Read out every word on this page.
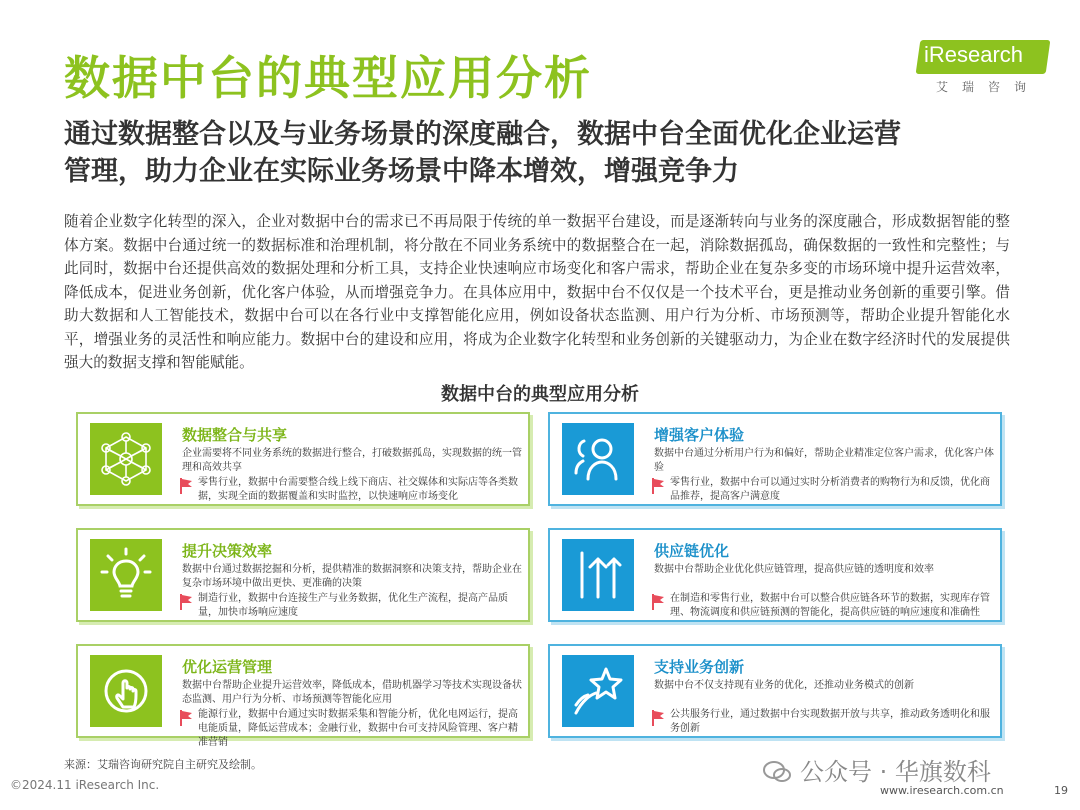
数据中台的典型应用分析	iResearch
艾瑞咨询
通过数据整合以及与业务场景的深度融合，数据中台全面优化企业运营
管理，助力企业在实际业务场景中降本增效，增强竞争力
随着企业数字化转型的深入，企业对数据中台的需求已不再局限于传统的单一数据平台建设，而是逐渐转向与业务的深度融合，形成数据智能的整体方案。数据中台通过统一的数据标准和治理机制，将分散在不同业务系统中的数据整合在一起，消除数据孤岛，确保数据的一致性和完整性；与此同时，数据中台还提供高效的数据处理和分析工具，支持企业快速响应市场变化和客户需求，帮助企业在复杂多变的市场环境中提升运营效率，降低成本，促进业务创新，优化客户体验，从而增强竞争力。在具体应用中，数据中台不仅仅是一个技术平台，更是推动业务创新的重要引擎。借助大数据和人工智能技术，数据中台可以在各行业中支撑智能化应用，例如设备状态监测、用户行为分析、市场预测等，帮助企业提升智能化水平，增强业务的灵活性和响应能力。数据中台的建设和应用，将成为企业数字化转型和业务创新的关键驱动力，为企业在数字经济时代的发展提供强大的数据支撑和智能赋能。
数据中台的典型应用分析
数据整合与共享
企业需要将不同业务系统的数据进行整合，打破数据孤岛，实现数据的统一管理和高效共享
零售行业，数据中台需要整合线上线下商店、社交媒体和实际店等各类数据，实现全面的数据覆盖和实时监控，以快速响应市场变化
增强客户体验
数据中台通过分析用户行为和偏好，帮助企业精准定位客户需求，优化客户体验
零售行业，数据中台可以通过实时分析消费者的购物行为和反馈，优化商品推荐，提高客户满意度
提升决策效率
数据中台通过数据挖掘和分析，提供精准的数据洞察和决策支持，帮助企业在复杂市场环境中做出更快、更准确的决策
制造行业，数据中台连接生产与业务数据，优化生产流程，提高产品质量，加快市场响应速度
供应链优化
数据中台帮助企业优化供应链管理，提高供应链的透明度和效率
在制造和零售行业，数据中台可以整合供应链各环节的数据，实现库存管理、物流调度和供应链预测的智能化，提高供应链的响应速度和准确性
优化运营管理
数据中台帮助企业提升运营效率，降低成本，借助机器学习等技术实现设备状态监测、用户行为分析、市场预测等智能化应用
能源行业，数据中台通过实时数据采集和智能分析，优化电网运行，提高电能质量，降低运营成本；金融行业，数据中台可支持风险管理、客户精准营销
支持业务创新
数据中台不仅支持现有业务的优化，还推动业务模式的创新
公共服务行业，通过数据中台实现数据开放与共享，推动政务透明化和服务创新
来源：艾瑞咨询研究院自主研究及绘制。
©2024.11 iResearch Inc.	公众号 · 华旗数科
www.iresearch.com.cn	19
